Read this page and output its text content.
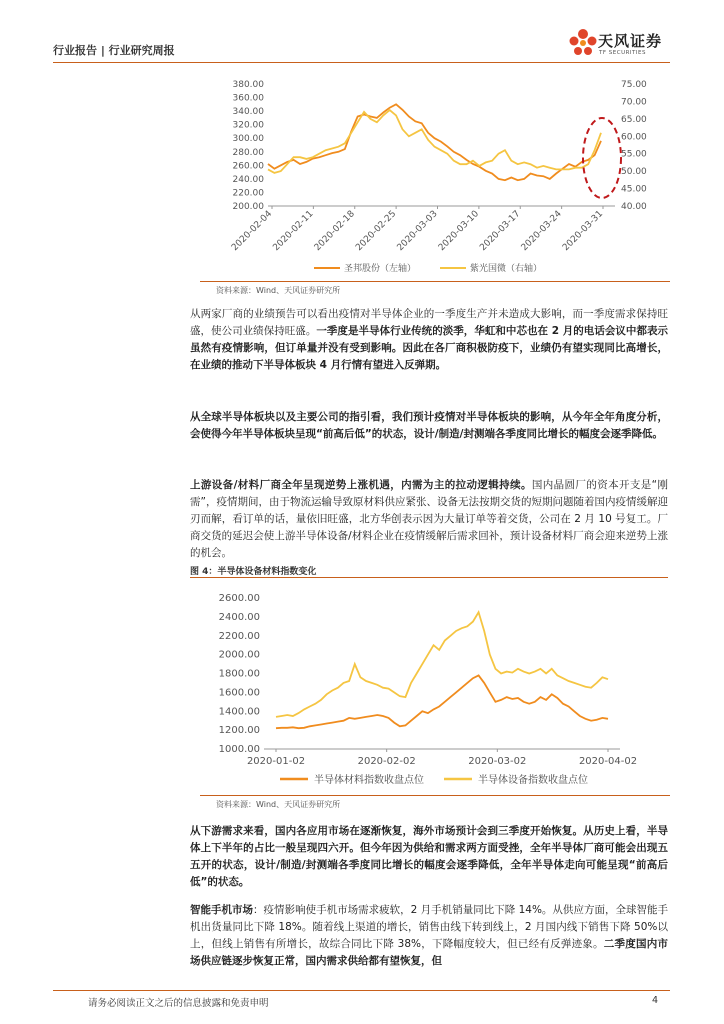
行业报告 | 行业研究周报
天风证券
TF SECURITIES
380.00
360.00
340.00
320.00
300.00
280.00
260.00
240.00
220.00
200.00
75.00
70.00
65.00
60.00
55.00
50.00
45.00
40.00
2020-02-04
2020-02-11
2020-02-18
2020-02-25
2020-03-03
2020-03-10
2020-03-17
2020-03-24
2020-03-31
圣邦股份（左轴）	紫光国微（右轴）
资料来源：Wind、天风证券研究所
从两家厂商的业绩预告可以看出疫情对半导体企业的一季度生产并未造成大影响，而一季度需求保持旺盛，使公司业绩保持旺盛。一季度是半导体行业传统的淡季，华虹和中芯也在 2 月的电话会议中都表示虽然有疫情影响，但订单量并没有受到影响。因此在各厂商积极防疫下，业绩仍有望实现同比高增长，在业绩的推动下半导体板块 4 月行情有望进入反弹期。
从全球半导体板块以及主要公司的指引看，我们预计疫情对半导体板块的影响，从今年全年角度分析，会使得今年半导体板块呈现“前高后低”的状态，设计/制造/封测端各季度同比增长的幅度会逐季降低。
上游设备/材料厂商全年呈现逆势上涨机遇，内需为主的拉动逻辑持续。国内晶圆厂的资本开支是“刚需”，疫情期间，由于物流运输导致原材料供应紧张、设备无法按期交货的短期问题随着国内疫情缓解迎刃而解，看订单的话，量依旧旺盛，北方华创表示因为大量订单等着交货，公司在 2 月 10 号复工。厂商交货的延迟会使上游半导体设备/材料企业在疫情缓解后需求回补，预计设备材料厂商会迎来逆势上涨的机会。
图 4：半导体设备材料指数变化
2600.00
2400.00
2200.00
2000.00
1800.00
1600.00
1400.00
1200.00
1000.00
2020-01-02	2020-02-02	2020-03-02	2020-04-02
半导体材料指数收盘点位	半导体设备指数收盘点位
资料来源：Wind、天风证券研究所
从下游需求来看，国内各应用市场在逐渐恢复，海外市场预计会到三季度开始恢复。从历史上看，半导体上下半年的占比一般呈现四六开。但今年因为供给和需求两方面受挫，全年半导体厂商可能会出现五五开的状态，设计/制造/封测端各季度同比增长的幅度会逐季降低，全年半导体走向可能呈现“前高后低”的状态。
智能手机市场：疫情影响使手机市场需求疲软，2 月手机销量同比下降 14%。从供应方面，全球智能手机出货量同比下降 18%。随着线上渠道的增长，销售由线下转到线上，2 月国内线下销售下降 50%以上，但线上销售有所增长，故综合同比下降 38%，下降幅度较大，但已经有反弹迹象。二季度国内市场供应链逐步恢复正常，国内需求供给都有望恢复，但
请务必阅读正文之后的信息披露和免责申明	4
